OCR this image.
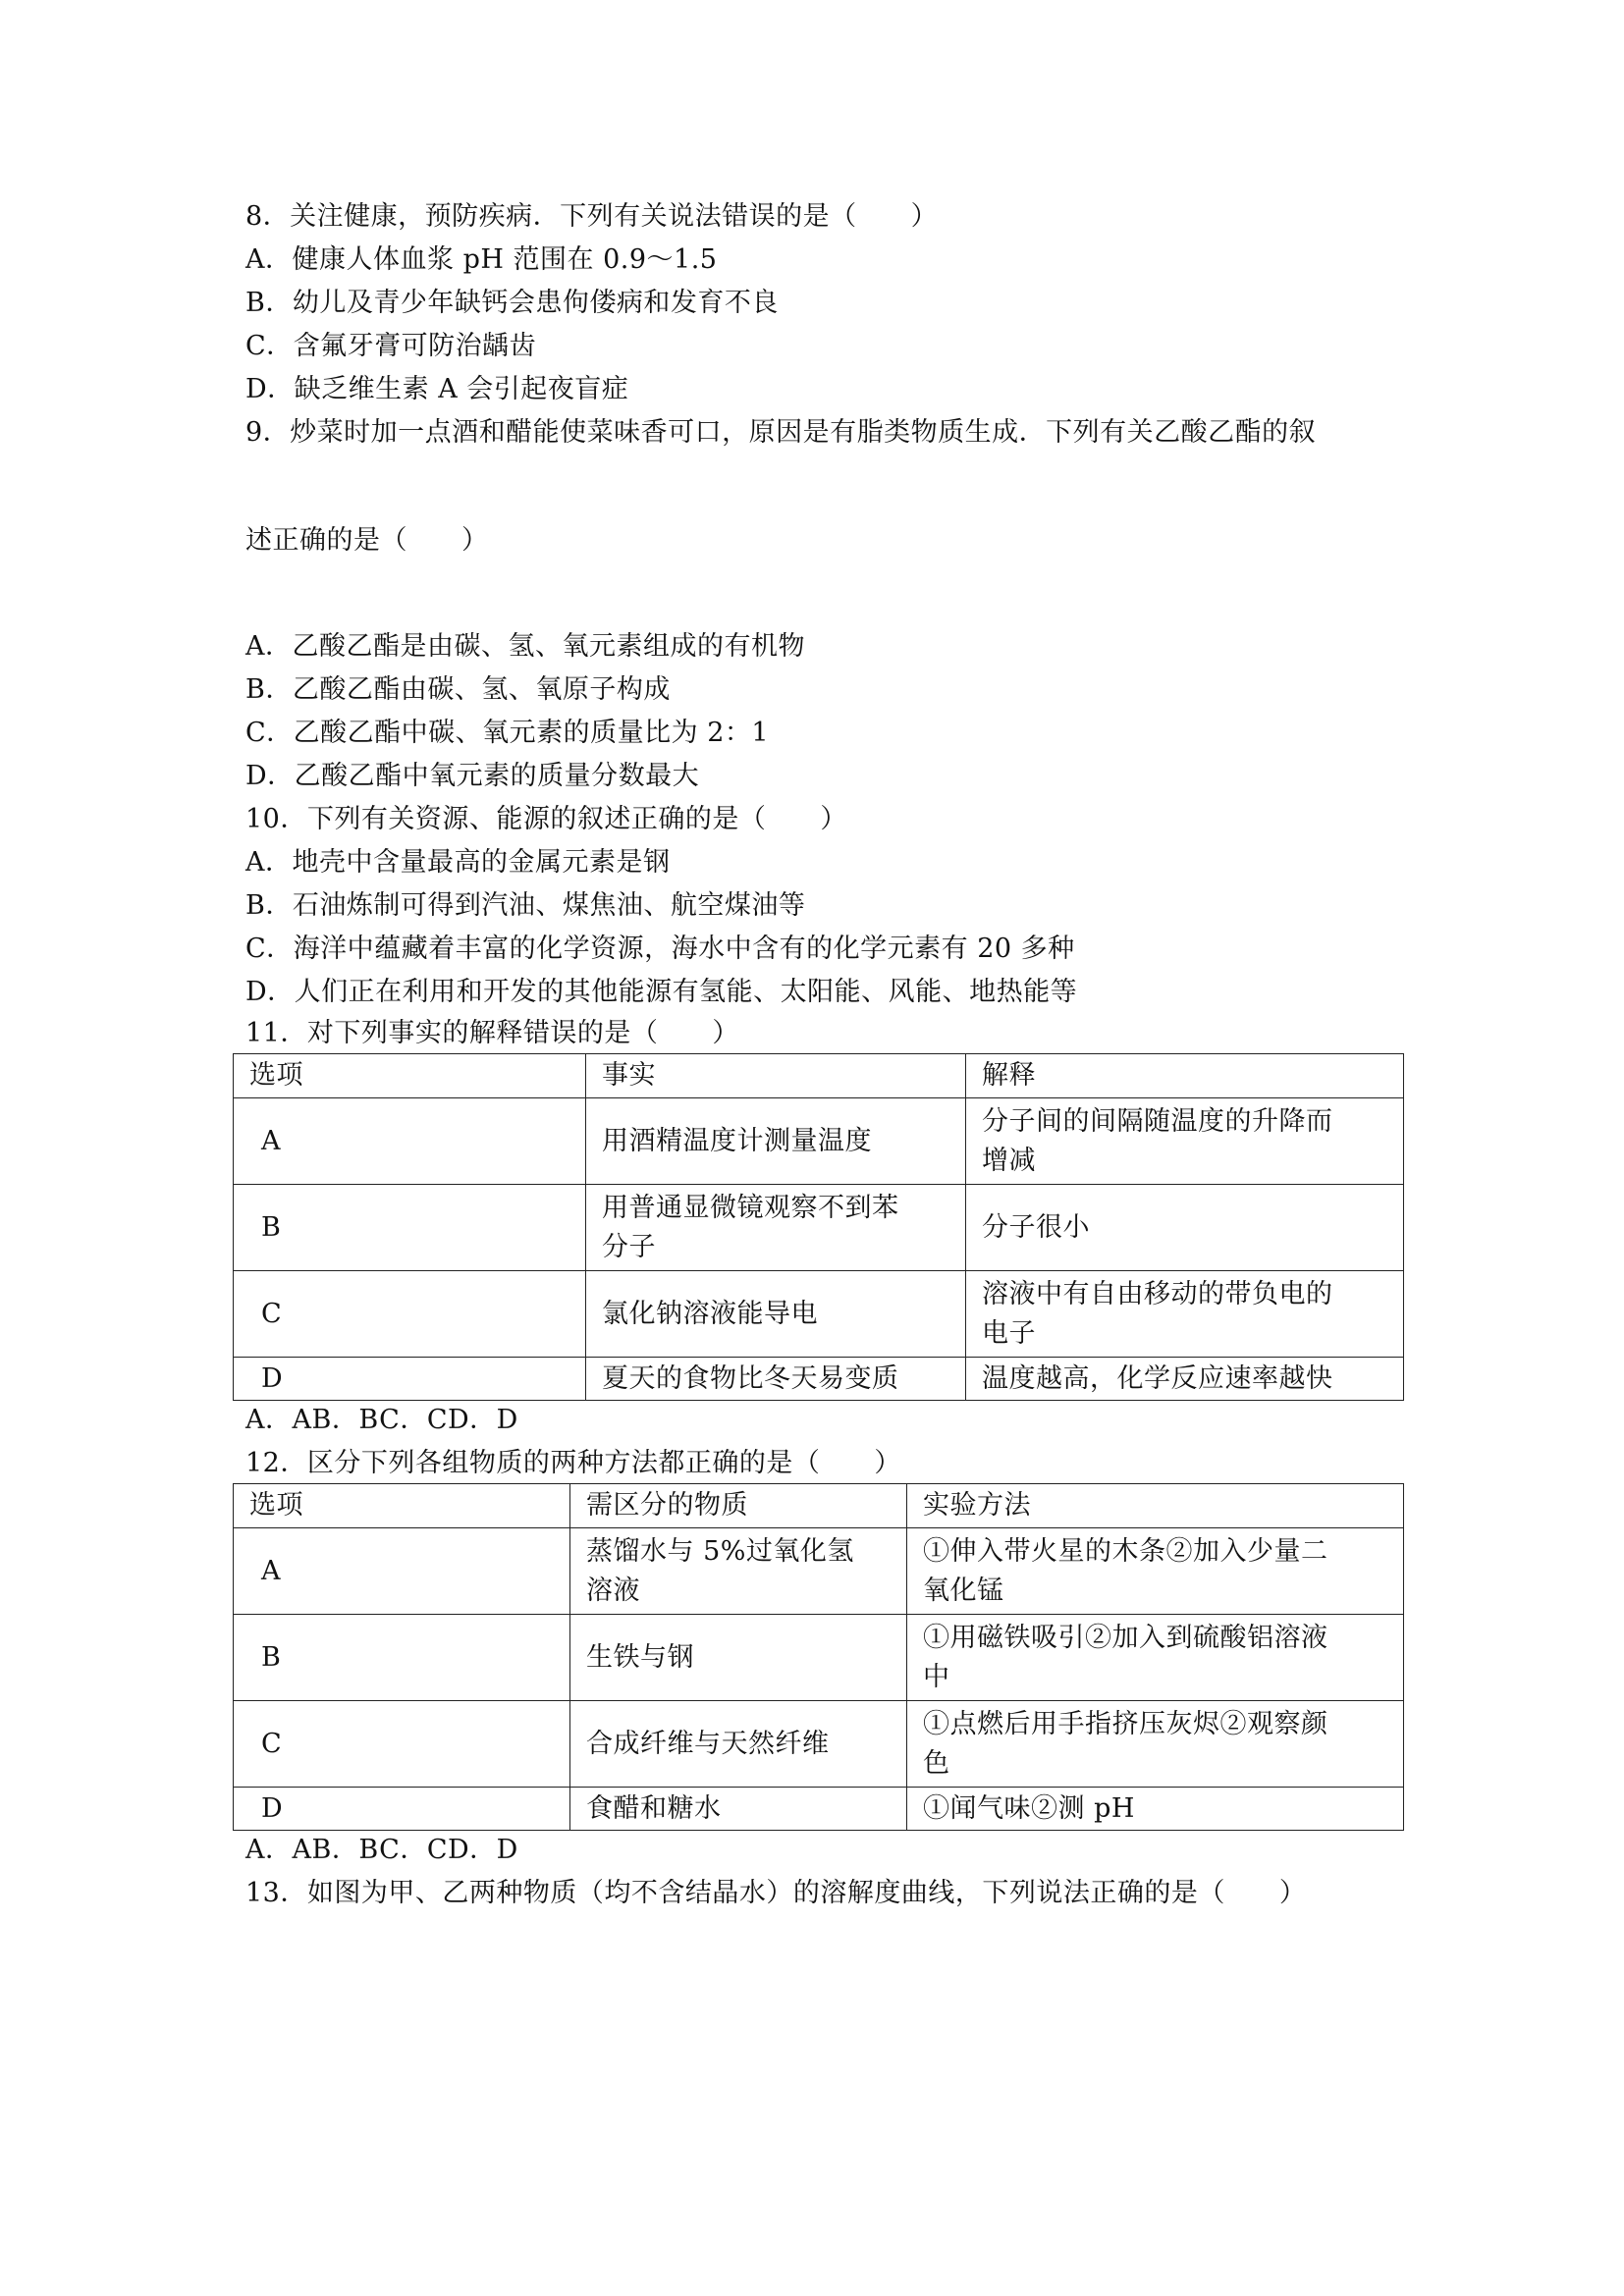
8．关注健康，预防疾病．下列有关说法错误的是（　　）
A．健康人体血浆 pH 范围在 0.9～1.5
B．幼儿及青少年缺钙会患佝偻病和发育不良
C．含氟牙膏可防治龋齿
D．缺乏维生素 A 会引起夜盲症
9．炒菜时加一点酒和醋能使菜味香可口，原因是有脂类物质生成．下列有关乙酸乙酯的叙
述正确的是（　　）
A．乙酸乙酯是由碳、氢、氧元素组成的有机物
B．乙酸乙酯由碳、氢、氧原子构成
C．乙酸乙酯中碳、氧元素的质量比为 2：1
D．乙酸乙酯中氧元素的质量分数最大
10．下列有关资源、能源的叙述正确的是（　　）
A．地壳中含量最高的金属元素是钢
B．石油炼制可得到汽油、煤焦油、航空煤油等
C．海洋中蕴藏着丰富的化学资源，海水中含有的化学元素有 20 多种
D．人们正在利用和开发的其他能源有氢能、太阳能、风能、地热能等
11．对下列事实的解释错误的是（　　）
选项	事实	解释
A	用酒精温度计测量温度	分子间的间隔随温度的升降而
增减
B	用普通显微镜观察不到苯
分子	分子很小

C	氯化钠溶液能导电	溶液中有自由移动的带负电的
电子
D	夏天的食物比冬天易变质	温度越高，化学反应速率越快
A．AB．BC．CD．D
12．区分下列各组物质的两种方法都正确的是（　　）
选项	需区分的物质	实验方法
A	蒸馏水与 5%过氧化氢
溶液	①伸入带火星的木条②加入少量二
氧化锰
B	生铁与钢	①用磁铁吸引②加入到硫酸铝溶液
中
C	合成纤维与天然纤维	①点燃后用手指挤压灰烬②观察颜
色
D	食醋和糖水	①闻气味②测 pH
A．AB．BC．CD．D
13．如图为甲、乙两种物质（均不含结晶水）的溶解度曲线，下列说法正确的是（　　）
